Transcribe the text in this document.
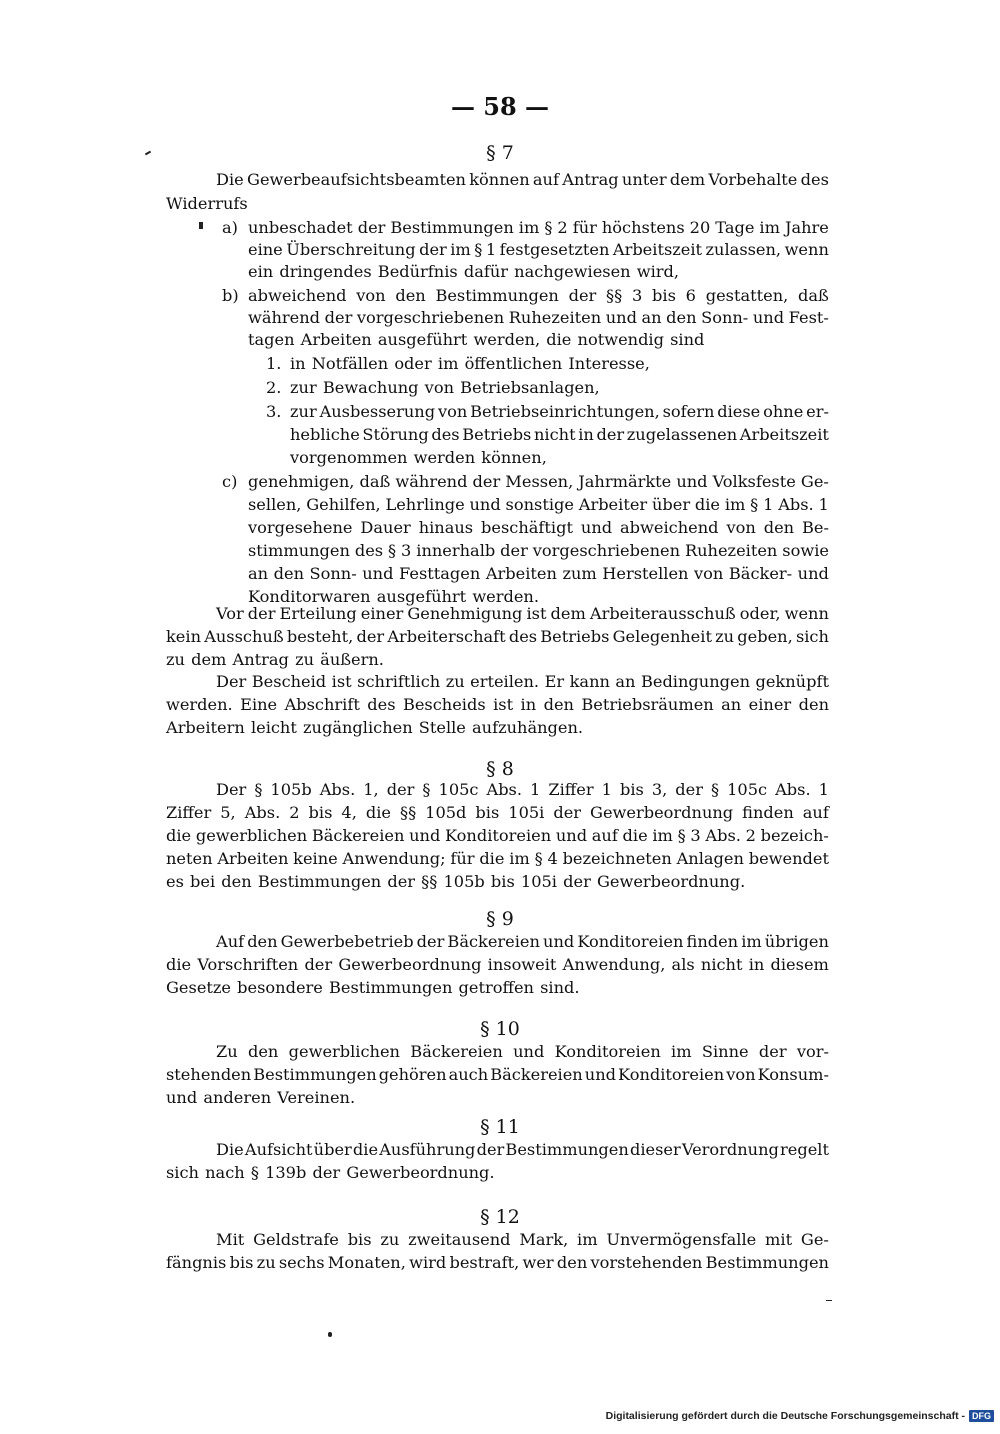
— 58 —
§ 7
Die Gewerbeaufsichtsbeamten können auf Antrag unter dem Vorbehalte des
Widerrufs
a) unbeschadet der Bestimmungen im § 2 für höchstens 20 Tage im Jahre
eine Überschreitung der im § 1 festgesetzten Arbeitszeit zulassen, wenn
ein dringendes Bedürfnis dafür nachgewiesen wird,
b) abweichend von den Bestimmungen der §§ 3 bis 6 gestatten, daß
während der vorgeschriebenen Ruhezeiten und an den Sonn- und Fest-
tagen Arbeiten ausgeführt werden, die notwendig sind
1. in Notfällen oder im öffentlichen Interesse,
2. zur Bewachung von Betriebsanlagen,
3. zur Ausbesserung von Betriebseinrichtungen, sofern diese ohne er-
hebliche Störung des Betriebs nicht in der zugelassenen Arbeitszeit
vorgenommen werden können,
c) genehmigen, daß während der Messen, Jahrmärkte und Volksfeste Ge-
sellen, Gehilfen, Lehrlinge und sonstige Arbeiter über die im § 1 Abs. 1
vorgesehene Dauer hinaus beschäftigt und abweichend von den Be-
stimmungen des § 3 innerhalb der vorgeschriebenen Ruhezeiten sowie
an den Sonn- und Festtagen Arbeiten zum Herstellen von Bäcker- und
Konditorwaren ausgeführt werden.
Vor der Erteilung einer Genehmigung ist dem Arbeiterausschuß oder, wenn
kein Ausschuß besteht, der Arbeiterschaft des Betriebs Gelegenheit zu geben, sich
zu dem Antrag zu äußern.
Der Bescheid ist schriftlich zu erteilen. Er kann an Bedingungen geknüpft
werden. Eine Abschrift des Bescheids ist in den Betriebsräumen an einer den
Arbeitern leicht zugänglichen Stelle aufzuhängen.
§ 8
Der § 105b Abs. 1, der § 105c Abs. 1 Ziffer 1 bis 3, der § 105c Abs. 1
Ziffer 5, Abs. 2 bis 4, die §§ 105d bis 105i der Gewerbeordnung finden auf
die gewerblichen Bäckereien und Konditoreien und auf die im § 3 Abs. 2 bezeich-
neten Arbeiten keine Anwendung; für die im § 4 bezeichneten Anlagen bewendet
es bei den Bestimmungen der §§ 105b bis 105i der Gewerbeordnung.
§ 9
Auf den Gewerbebetrieb der Bäckereien und Konditoreien finden im übrigen
die Vorschriften der Gewerbeordnung insoweit Anwendung, als nicht in diesem
Gesetze besondere Bestimmungen getroffen sind.
§ 10
Zu den gewerblichen Bäckereien und Konditoreien im Sinne der vor-
stehenden Bestimmungen gehören auch Bäckereien und Konditoreien von Konsum-
und anderen Vereinen.
§ 11
Die Aufsicht über die Ausführung der Bestimmungen dieser Verordnung regelt
sich nach § 139b der Gewerbeordnung.
§ 12
Mit Geldstrafe bis zu zweitausend Mark, im Unvermögensfalle mit Ge-
fängnis bis zu sechs Monaten, wird bestraft, wer den vorstehenden Bestimmungen
Digitalisierung gefördert durch die Deutsche Forschungsgemeinschaft - DFG
